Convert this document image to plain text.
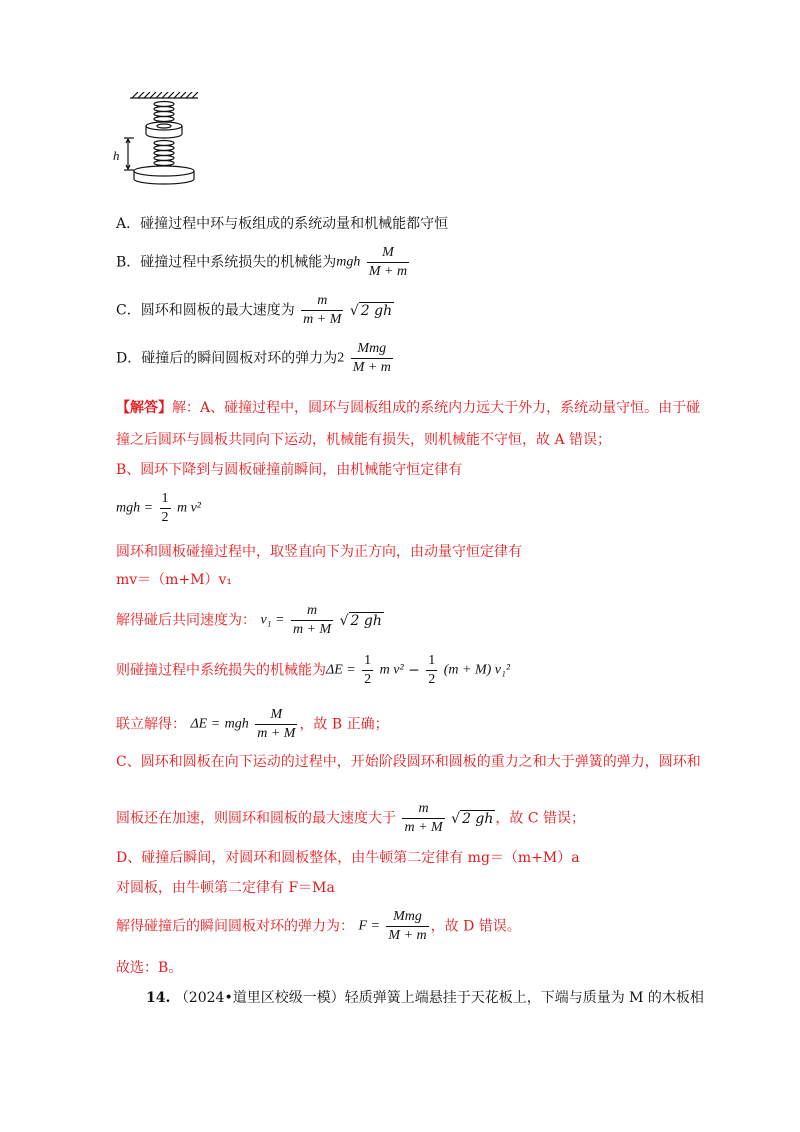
h
A．碰撞过程中环与板组成的系统动量和机械能都守恒
B．碰撞过程中系统损失的机械能为mgh $\frac{M}{M + m}$
C．圆环和圆板的最大速度为 $\frac{m}{m + M}$ √ 2 gh
D．碰撞后的瞬间圆板对环的弹力为$2 \frac{\text{Mmg}}{M + m}$
【解答】解：A、碰撞过程中，圆环与圆板组成的系统内力远大于外力，系统动量守恒。由于碰
撞之后圆环与圆板共同向下运动，机械能有损失，则机械能不守恒，故 A 错误；
B、圆环下降到与圆板碰撞前瞬间，由机械能守恒定律有
mgh = $\frac{1}{2}$ m v²
圆环和圆板碰撞过程中，取竖直向下为正方向，由动量守恒定律有
mv＝（m+M）v₁
解得碰后共同速度为： $v_1 = \frac{m}{m + M}$ √ 2 gh
则碰撞过程中系统损失的机械能为$\Delta E = \frac{1}{2}$ m $v^2 - \frac{1}{2} (m + M)$ v₁²
联立解得： ΔE = mgh $\frac{M}{m + M}$ ，故 B 正确；
C、圆环和圆板在向下运动的过程中，开始阶段圆环和圆板的重力之和大于弹簧的弹力，圆环和
圆板还在加速，则圆环和圆板的最大速度大于 $\frac{m}{m + M}$ √ 2 gh ，故 C 错误；
D、碰撞后瞬间，对圆环和圆板整体，由牛顿第二定律有 mg＝（m+M）a
对圆板，由牛顿第二定律有 F＝Ma
解得碰撞后的瞬间圆板对环的弹力为： $F = \frac{\text{Mmg}}{M + m}$ ，故 D 错误。
故选：B。
14. （2024•道里区校级一模）轻质弹簧上端悬挂于天花板上，下端与质量为 M 的木板相
